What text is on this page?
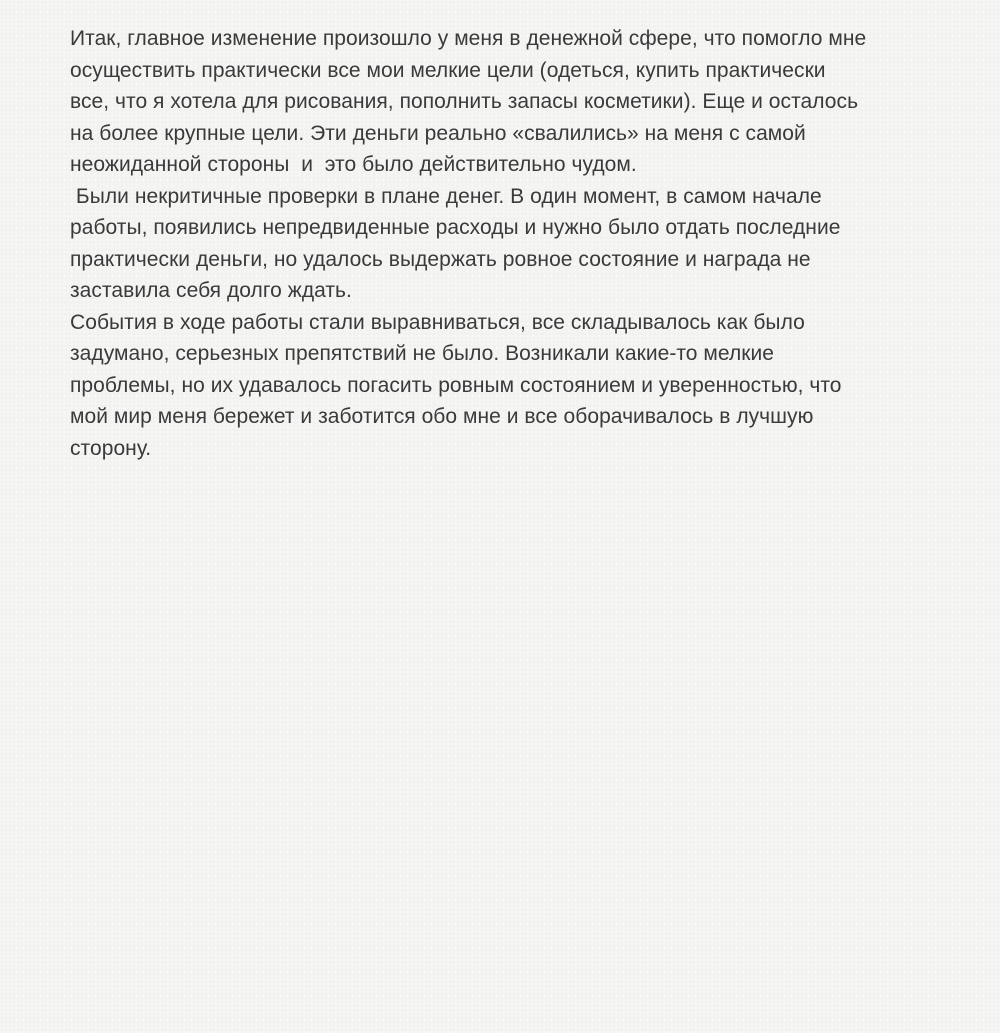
Итак, главное изменение произошло у меня в денежной сфере, что помогло мне
осуществить практически все мои мелкие цели (одеться, купить практически
все, что я хотела для рисования, пополнить запасы косметики). Еще и осталось
на более крупные цели. Эти деньги реально «свалились» на меня с самой
неожиданной стороны  и  это было действительно чудом.
Были некритичные проверки в плане денег. В один момент, в самом начале
работы, появились непредвиденные расходы и нужно было отдать последние
практически деньги, но удалось выдержать ровное состояние и награда не
заставила себя долго ждать.
События в ходе работы стали выравниваться, все складывалось как было
задумано, серьезных препятствий не было. Возникали какие-то мелкие
проблемы, но их удавалось погасить ровным состоянием и уверенностью, что
мой мир меня бережет и заботится обо мне и все оборачивалось в лучшую
сторону.
